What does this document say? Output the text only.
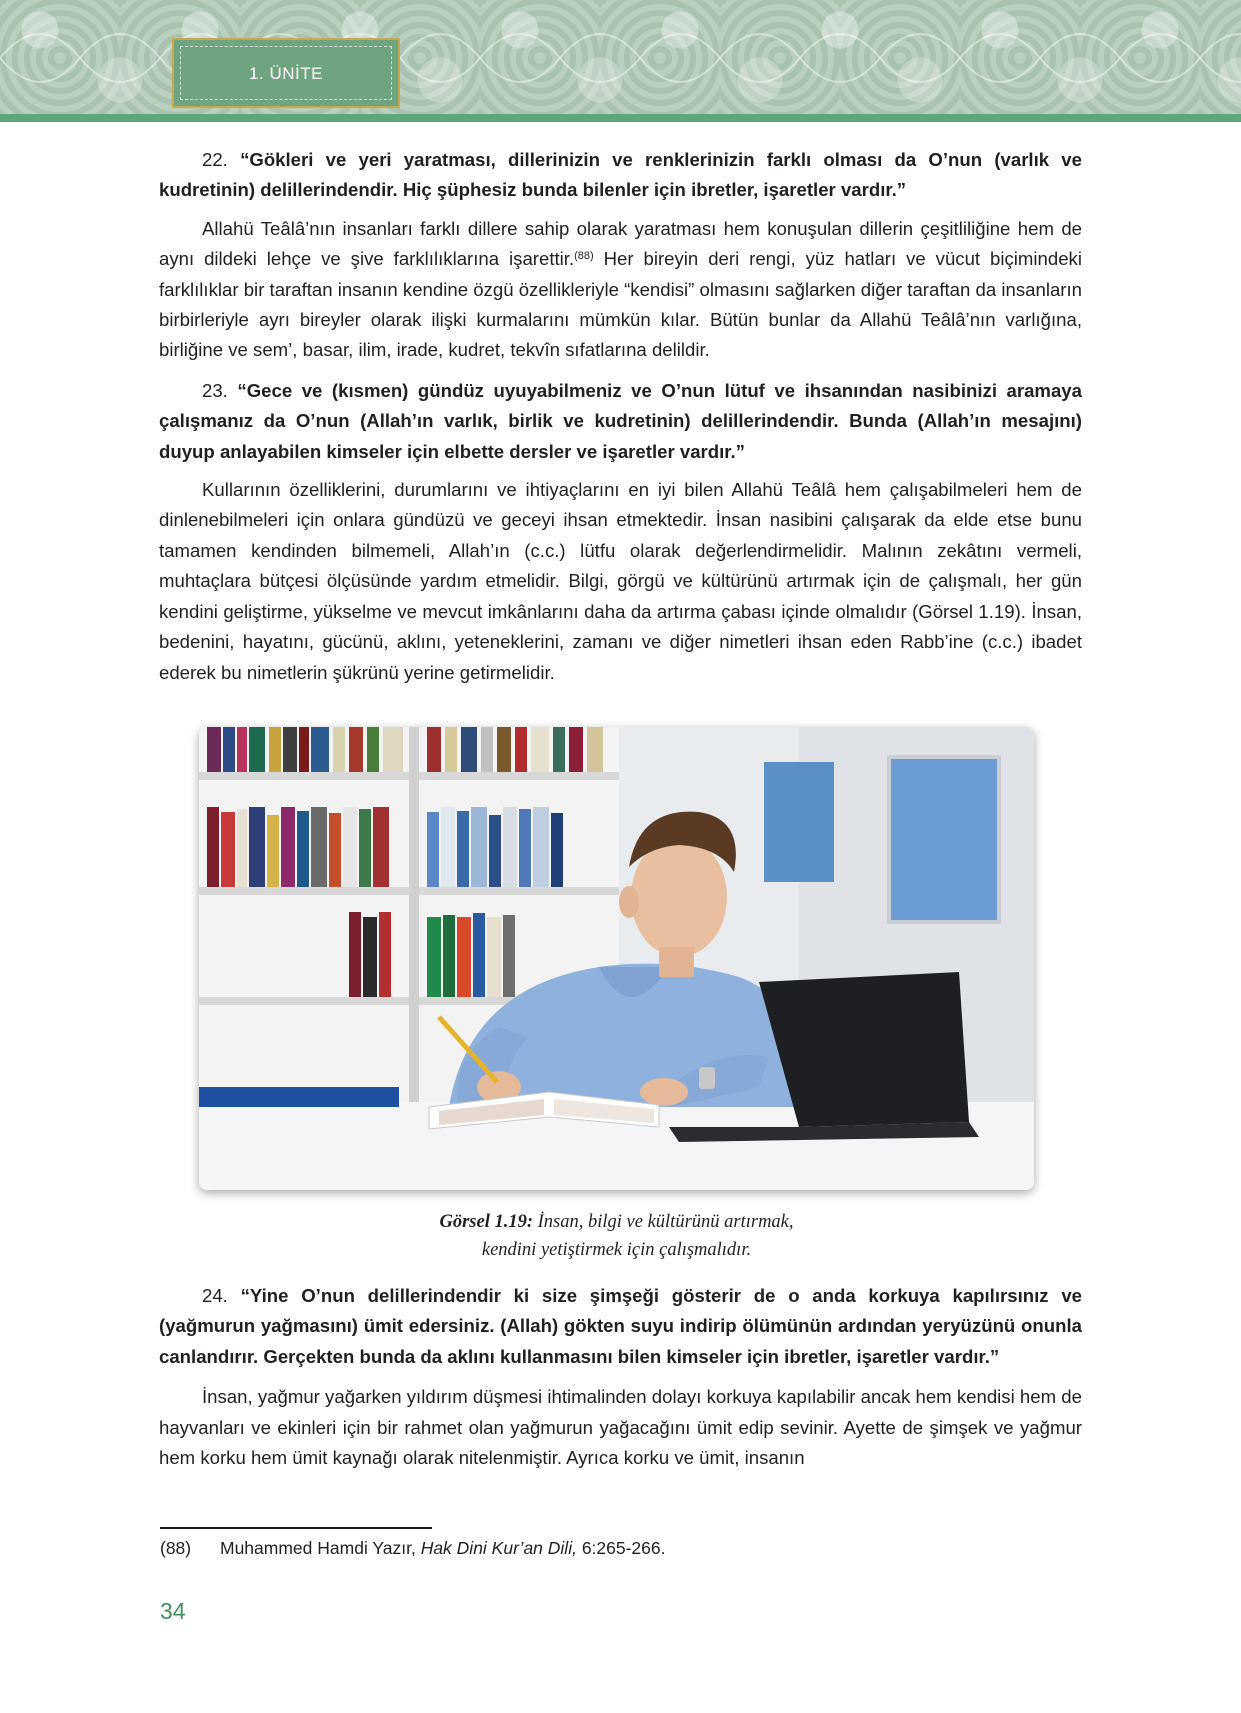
1. ÜNİTE

22. “Gökleri ve yeri yaratması, dillerinizin ve renklerinizin farklı olması da O’nun (varlık ve kudretinin) delillerindendir. Hiç şüphesiz bunda bilenler için ibretler, işaretler vardır.”

Allahü Teâlâ’nın insanları farklı dillere sahip olarak yaratması hem konuşulan dillerin çeşitliliğine hem de aynı dildeki lehçe ve şive farklılıklarına işarettir.$^{(88)}$ Her bireyin deri rengi, yüz hatları ve vücut biçimindeki farklılıklar bir taraftan insanın kendine özgü özellikleriyle “kendisi” olmasını sağlarken diğer taraftan da insanların birbirleriyle ayrı bireyler olarak ilişki kurmalarını mümkün kılar. Bütün bunlar da Allahü Teâlâ’nın varlığına, birliğine ve sem’, basar, ilim, irade, kudret, tekvîn sıfatlarına delildir.

23. “Gece ve (kısmen) gündüz uyuyabilmeniz ve O’nun lütuf ve ihsanından nasibinizi aramaya çalışmanız da O’nun (Allah’ın varlık, birlik ve kudretinin) delillerindendir. Bunda (Allah’ın mesajını) duyup anlayabilen kimseler için elbette dersler ve işaretler vardır.”

Kullarının özelliklerini, durumlarını ve ihtiyaçlarını en iyi bilen Allahü Teâlâ hem çalışabilmeleri hem de dinlenebilmeleri için onlara gündüzü ve geceyi ihsan etmektedir. İnsan nasibini çalışarak da elde etse bunu tamamen kendinden bilmemeli, Allah’ın (c.c.) lütfu olarak değerlendirmelidir. Malının zekâtını vermeli, muhtaçlara bütçesi ölçüsünde yardım etmelidir. Bilgi, görgü ve kültürünü artırmak için de çalışmalı, her gün kendini geliştirme, yükselme ve mevcut imkânlarını daha da artırma çabası içinde olmalıdır (Görsel 1.19). İnsan, bedenini, hayatını, gücünü, aklını, yeteneklerini, zamanı ve diğer nimetleri ihsan eden Rabb’ine (c.c.) ibadet ederek bu nimetlerin şükrünü yerine getirmelidir.

Görsel 1.19: İnsan, bilgi ve kültürünü artırmak,
kendini yetiştirmek için çalışmalıdır.

24. “Yine O’nun delillerindendir ki size şimşeği gösterir de o anda korkuya kapılırsınız ve (yağmurun yağmasını) ümit edersiniz. (Allah) gökten suyu indirip ölümünün ardından yeryüzünü onunla canlandırır. Gerçekten bunda da aklını kullanmasını bilen kimseler için ibretler, işaretler vardır.”

İnsan, yağmur yağarken yıldırım düşmesi ihtimalinden dolayı korkuya kapılabilir ancak hem kendisi hem de hayvanları ve ekinleri için bir rahmet olan yağmurun yağacağını ümit edip sevinir. Ayette de şimşek ve yağmur hem korku hem ümit kaynağı olarak nitelenmiştir. Ayrıca korku ve ümit, insanın

(88) Muhammed Hamdi Yazır, Hak Dini Kur’an Dili, 6:265-266.
34
